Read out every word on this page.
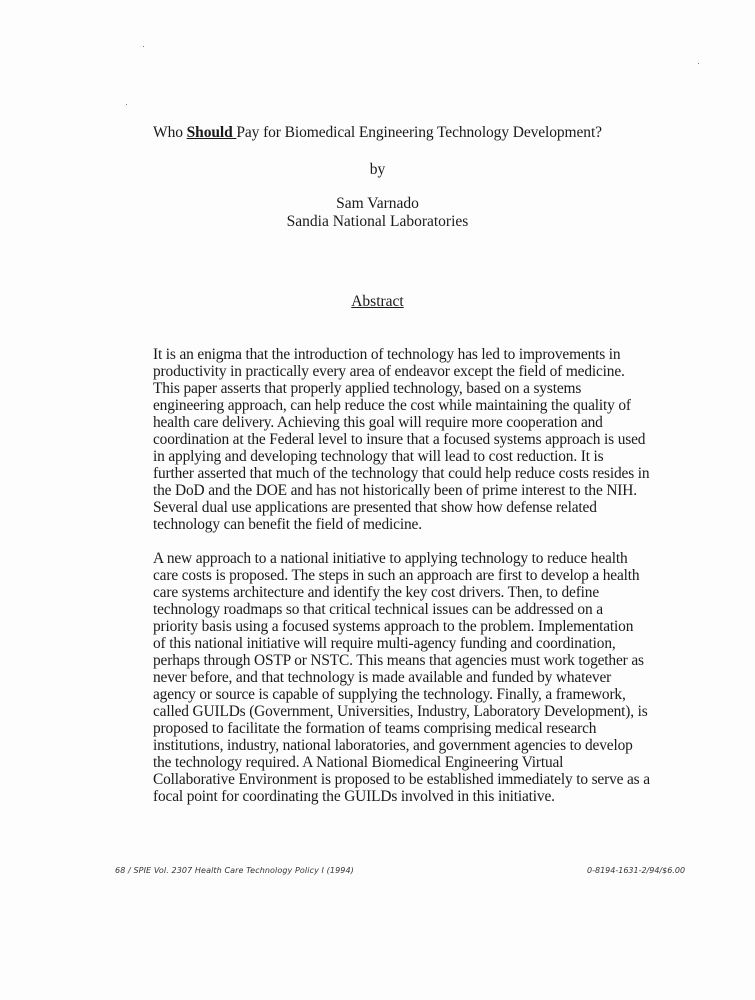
Who Should Pay for Biomedical Engineering Technology Development?
by
Sam Varnado
Sandia National Laboratories
Abstract

It is an enigma that the introduction of technology has led to improvements in
productivity in practically every area of endeavor except the field of medicine.
This paper asserts that properly applied technology, based on a systems
engineering approach, can help reduce the cost while maintaining the quality of
health care delivery. Achieving this goal will require more cooperation and
coordination at the Federal level to insure that a focused systems approach is used
in applying and developing technology that will lead to cost reduction. It is
further asserted that much of the technology that could help reduce costs resides in
the DoD and the DOE and has not historically been of prime interest to the NIH.
Several dual use applications are presented that show how defense related
technology can benefit the field of medicine.

A new approach to a national initiative to applying technology to reduce health
care costs is proposed. The steps in such an approach are first to develop a health
care systems architecture and identify the key cost drivers. Then, to define
technology roadmaps so that critical technical issues can be addressed on a
priority basis using a focused systems approach to the problem. Implementation
of this national initiative will require multi-agency funding and coordination,
perhaps through OSTP or NSTC. This means that agencies must work together as
never before, and that technology is made available and funded by whatever
agency or source is capable of supplying the technology. Finally, a framework,
called GUILDs (Government, Universities, Industry, Laboratory Development), is
proposed to facilitate the formation of teams comprising medical research
institutions, industry, national laboratories, and government agencies to develop
the technology required. A National Biomedical Engineering Virtual
Collaborative Environment is proposed to be established immediately to serve as a
focal point for coordinating the GUILDs involved in this initiative.

68 / SPIE Vol. 2307 Health Care Technology Policy I (1994)	0-8194-1631-2/94/$6.00
